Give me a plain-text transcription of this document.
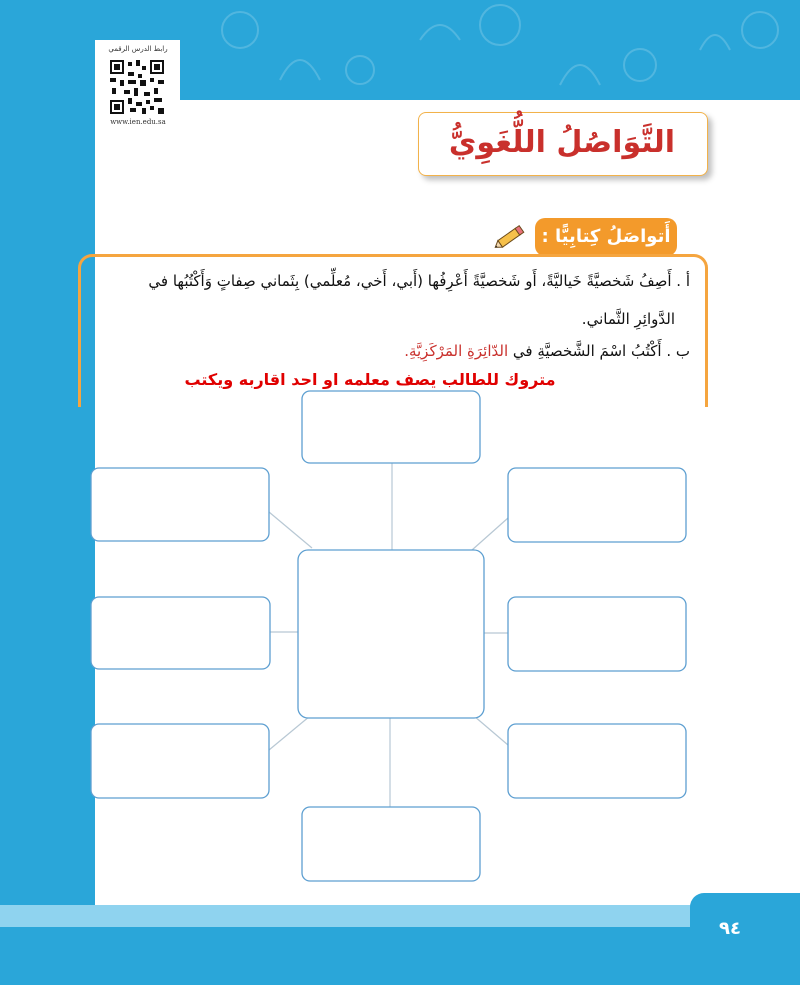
رابط الدرس الرقمي
www.ien.edu.sa
التَّوَاصُلُ اللُّغَوِيُّ
أَتواصَلُ كِتابِيًّا :
أ . أَصِفُ شَخصيَّةً خَياليَّةً، أَو شَخصيَّةً أَعْرِفُها (أَبي، أَخي، مُعلِّمي) بِثَماني صِفاتٍ وَأَكْتُبُها في
الدَّوائِرِ الثَّماني.
ب . أَكْتُبُ اسْمَ الشَّخصيَّةِ في الدّائِرَةِ المَرْكَزِيَّةِ.
متروك للطالب يصف معلمه او احد اقاربه ويكتب
٩٤
